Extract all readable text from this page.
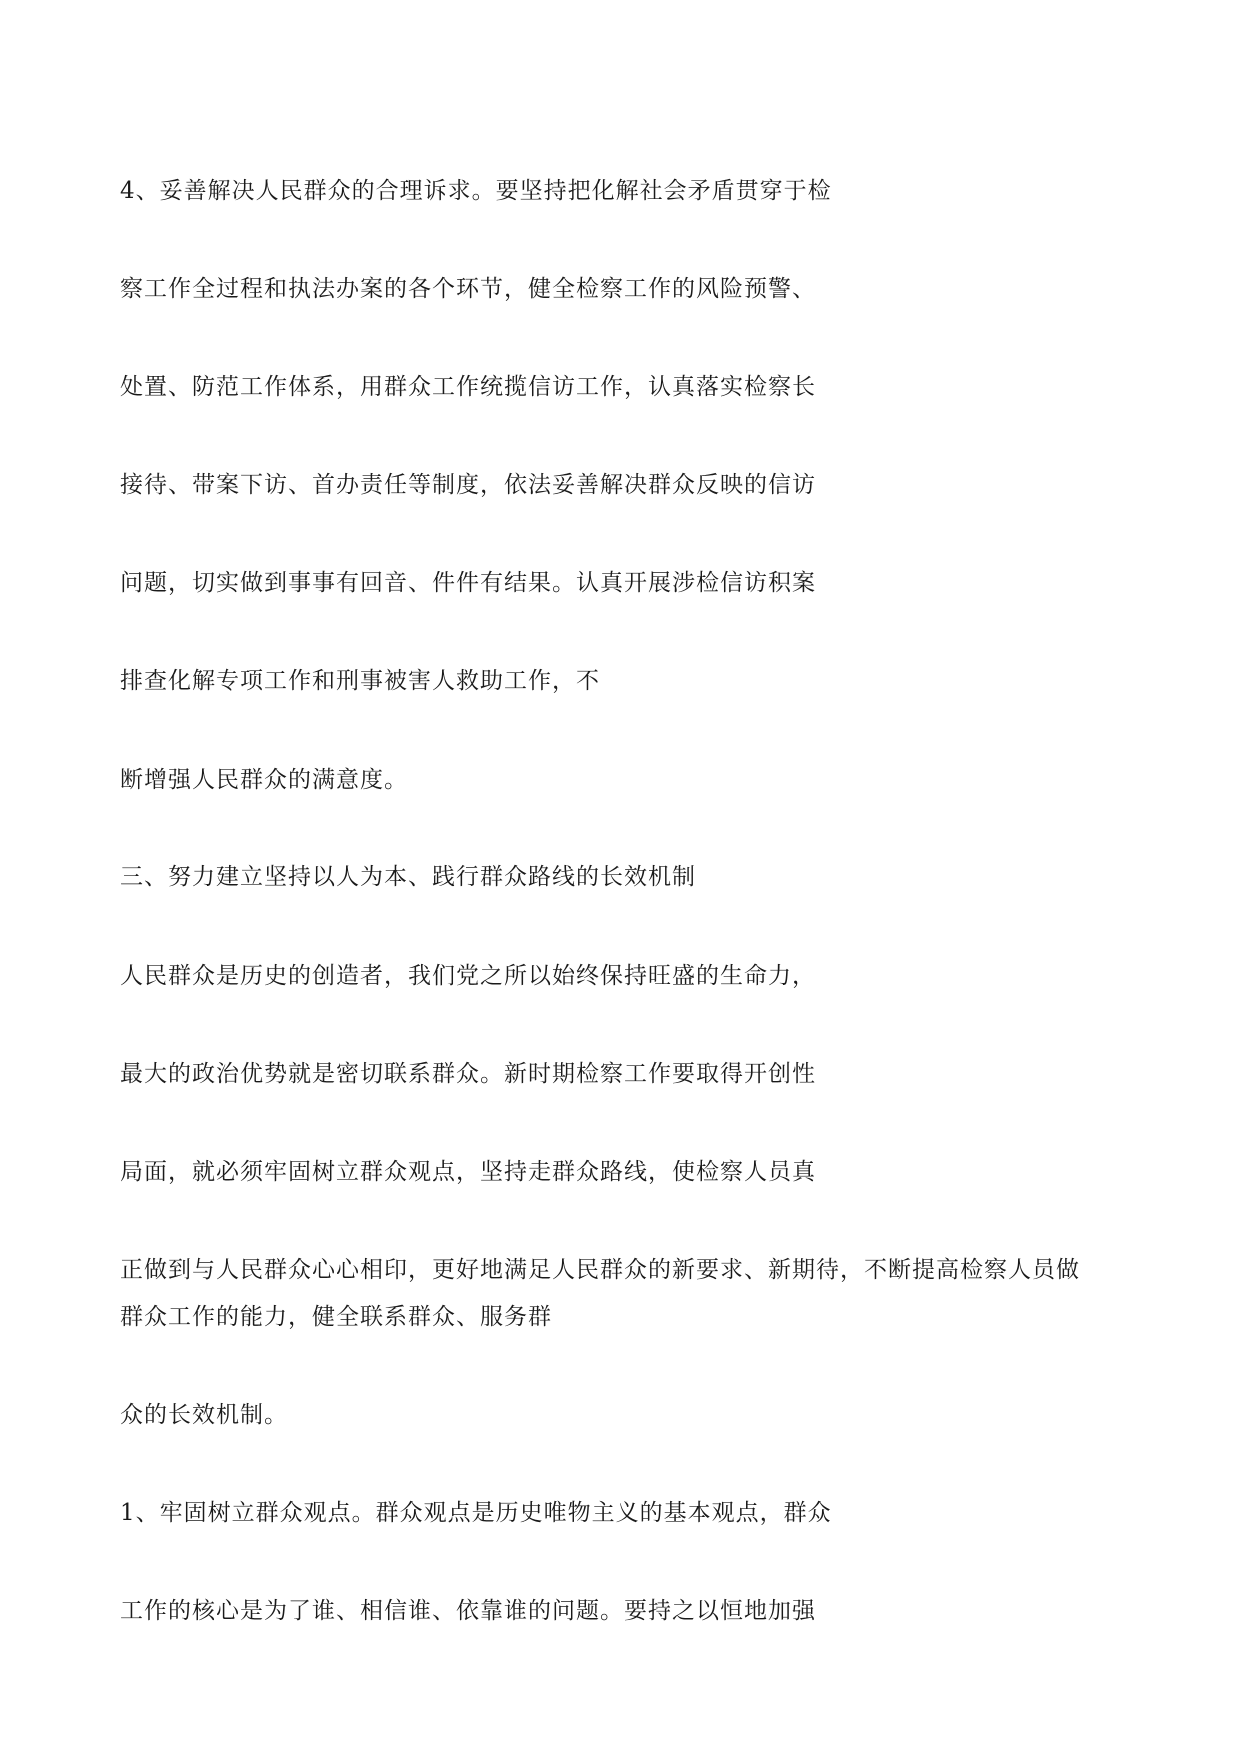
4、妥善解决人民群众的合理诉求。要坚持把化解社会矛盾贯穿于检
察工作全过程和执法办案的各个环节，健全检察工作的风险预警、
处置、防范工作体系，用群众工作统揽信访工作，认真落实检察长
接待、带案下访、首办责任等制度，依法妥善解决群众反映的信访
问题，切实做到事事有回音、件件有结果。认真开展涉检信访积案
排查化解专项工作和刑事被害人救助工作，不
断增强人民群众的满意度。
三、努力建立坚持以人为本、践行群众路线的长效机制
人民群众是历史的创造者，我们党之所以始终保持旺盛的生命力，
最大的政治优势就是密切联系群众。新时期检察工作要取得开创性
局面，就必须牢固树立群众观点，坚持走群众路线，使检察人员真
正做到与人民群众心心相印，更好地满足人民群众的新要求、新期待，不断提高检察人员做
群众工作的能力，健全联系群众、服务群
众的长效机制。
1、牢固树立群众观点。群众观点是历史唯物主义的基本观点，群众
工作的核心是为了谁、相信谁、依靠谁的问题。要持之以恒地加强
